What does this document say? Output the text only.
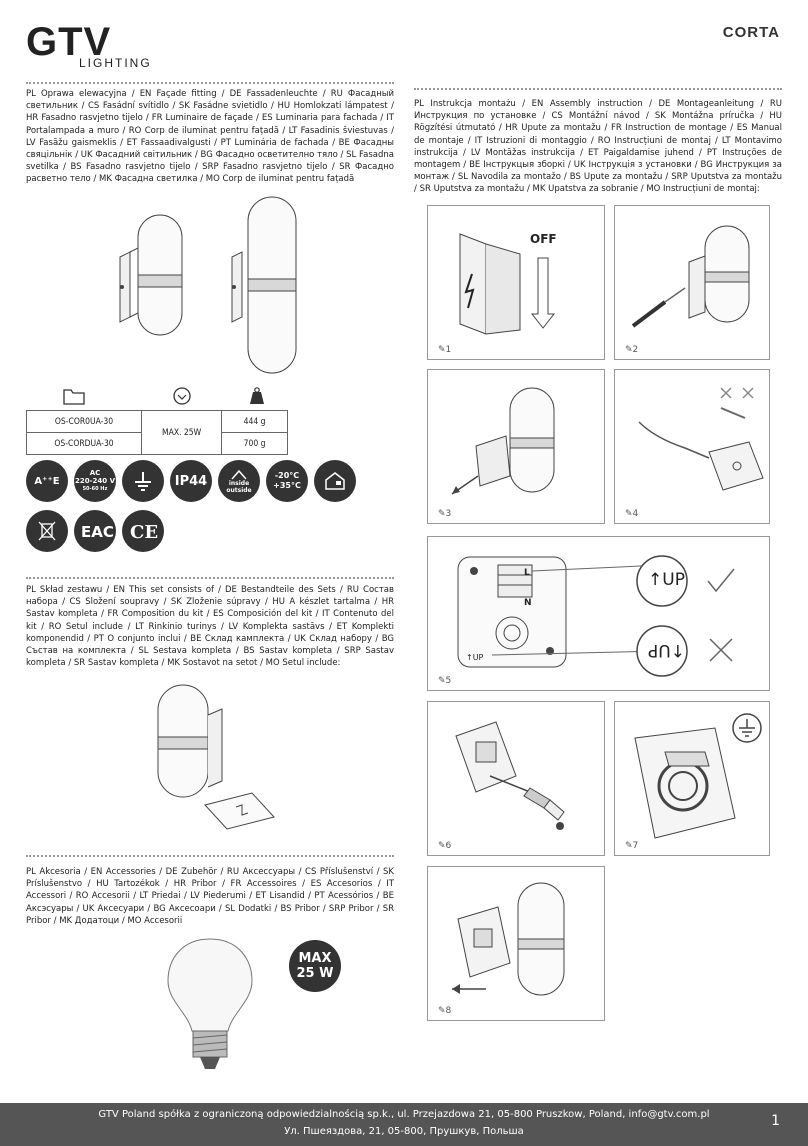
GTV
LIGHTING
CORTA
PL Oprawa elewacyjna / EN Façade fitting / DE Fassadenleuchte / RU Фасадный светильник / CS Fasádní svítidlo / SK Fasádne svietidlo / HU Homlokzati lámpatest / HR Fasadno rasvjetno tijelo / FR Luminaire de façade / ES Luminaria para fachada / IT Portalampada a muro / RO Corp de iluminat pentru fațadă / LT Fasadinis šviestuvas / LV Fasāžu gaismeklis / ET Fassaadivalgusti / PT Luminária de fachada / BE Фасадны свяцільнік / UK Фасадний світильник / BG Фасадно осветително тяло / SL Fasadna svetilka / BS Fasadno rasvjetno tijelo / SRP Fasadno rasvjetno tijelo / SR Фасадно расветно тело / MK Фасадна светилка / MO Corp de iluminat pentru fațadă
OS-COR0UA-30	MAX. 25W	444 g
OS-CORDUA-30		700 g
A⁺⁺E
AC
220-240 V
50-60 Hz
IP44	inside
outside
-20°C
+35°C
EAC CE
PL Skład zestawu / EN This set consists of / DE Bestandteile des Sets / RU Состав набора / CS Složení soupravy / SK Zloženie súpravy / HU A készlet tartalma / HR Sastav kompleta / FR Composition du kit / ES Composición del kit / IT Contenuto del kit / RO Setul include / LT Rinkinio turinys / LV Komplekta sastāvs / ET Komplekti komponendid / PT O conjunto inclui / BE Склад камплекта / UK Склад набору / BG Състав на комплекта / SL Sestava kompleta / BS Sastav kompleta / SRP Sastav kompleta / SR Sastav kompleta / MK Sostavot na setot / MO Setul include:
PL Akcesoria / EN Accessories / DE Zubehör / RU Аксессуары / CS Příslušenství / SK Príslušenstvo / HU Tartozékok / HR Pribor / FR Accessoires / ES Accesorios / IT Accessori / RO Accesorii / LT Priedai / LV Piederumi / ET Lisandid / PT Acessórios / BE Аксэсуары / UK Аксесуари / BG Аксесоари / SL Dodatki / BS Pribor / SRP Pribor / SR Pribor / MK Додатоци / MO Accesorii
MAX
25 W
PL Instrukcja montażu / EN Assembly instruction / DE Montageanleitung / RU Инструкция по установке / CS Montážní návod / SK Montážna príručka / HU Rögzítési útmutató / HR Upute za montažu / FR Instruction de montage / ES Manual de montaje / IT Istruzioni di montaggio / RO Instrucțiuni de montaj / LT Montavimo instrukcija / LV Montāžas instrukcija / ET Paigaldamise juhend / PT Instruções de montagem / BE Інструкцыя зборкі / UK Інструкція з установки / BG Инструкция за монтаж / SL Navodila za montažo / BS Upute za montažu / SRP Uputstva za montažu / SR Uputstva za montažu / MK Upatstva za sobranie / MO Instrucțiuni de montaj:
OFF
✎1	✎2
✎3	✎4
L
N
↑UP
↑UP
↑UP
✎5
✎6	✎7
✎8
GTV Poland spółka z ograniczoną odpowiedzialnością sp.k., ul. Przejazdowa 21, 05-800 Pruszkow, Poland, info@gtv.com.pl
Ул. Пшеяздова, 21, 05-800, Прушкув, Польша
1
